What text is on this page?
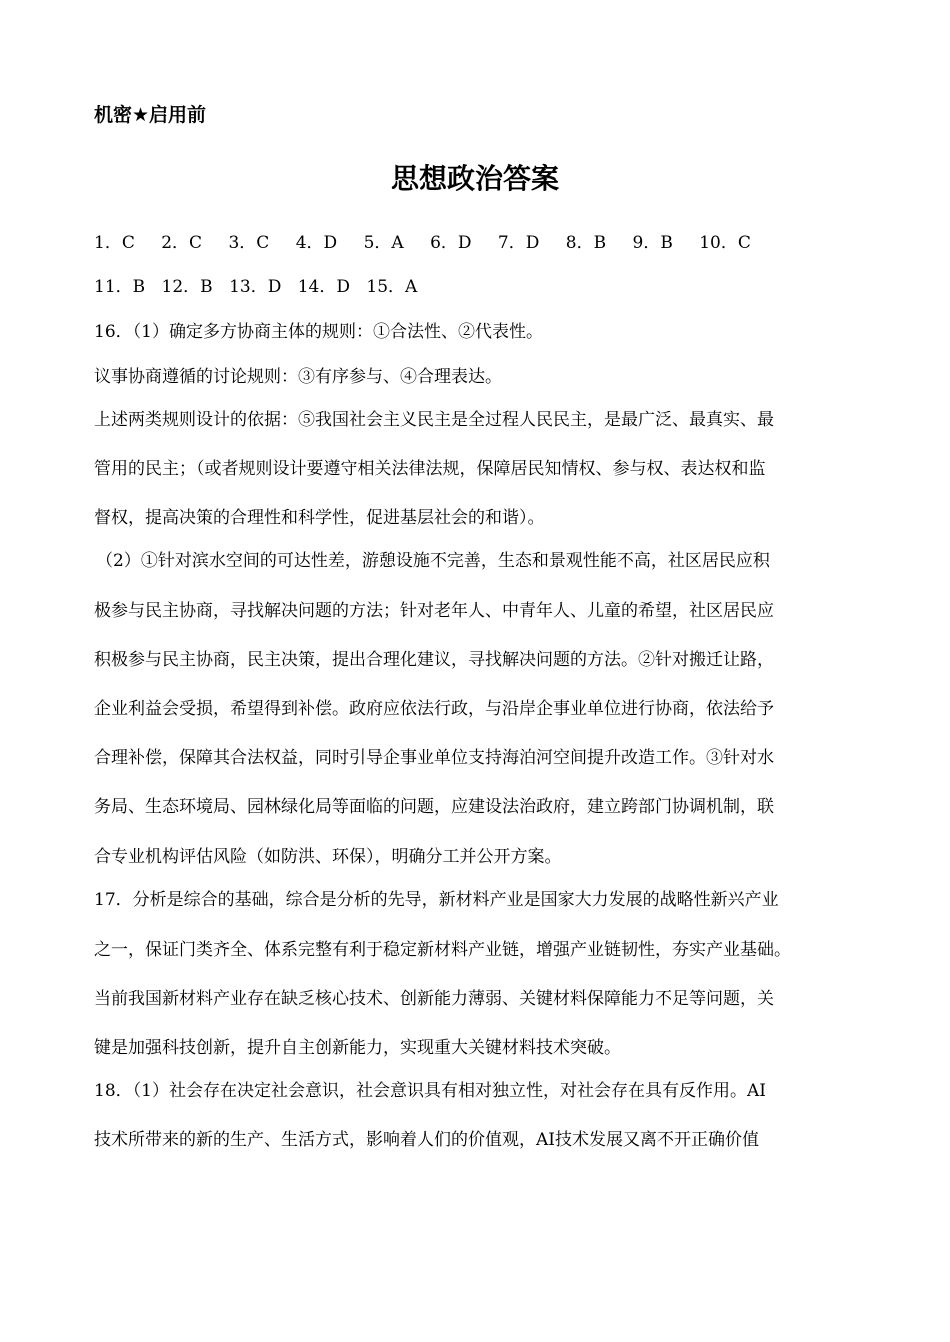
机密★启用前
思想政治答案
1．C 2．C 3．C 4．D 5．A 6．D 7．D 8．B 9．B 10．C
11．B 12．B 13．D 14．D 15．A
16．（1）确定多方协商主体的规则：①合法性、②代表性。
议事协商遵循的讨论规则：③有序参与、④合理表达。
上述两类规则设计的依据：⑤我国社会主义民主是全过程人民民主，是最广泛、最真实、最
管用的民主；（或者规则设计要遵守相关法律法规，保障居民知情权、参与权、表达权和监
督权，提高决策的合理性和科学性，促进基层社会的和谐）。
（2）①针对滨水空间的可达性差，游憩设施不完善，生态和景观性能不高，社区居民应积
极参与民主协商，寻找解决问题的方法；针对老年人、中青年人、儿童的希望，社区居民应
积极参与民主协商，民主决策，提出合理化建议，寻找解决问题的方法。②针对搬迁让路，
企业利益会受损，希望得到补偿。政府应依法行政，与沿岸企事业单位进行协商，依法给予
合理补偿，保障其合法权益，同时引导企事业单位支持海泊河空间提升改造工作。③针对水
务局、生态环境局、园林绿化局等面临的问题，应建设法治政府，建立跨部门协调机制，联
合专业机构评估风险（如防洪、环保），明确分工并公开方案。
17．分析是综合的基础，综合是分析的先导，新材料产业是国家大力发展的战略性新兴产业
之一，保证门类齐全、体系完整有利于稳定新材料产业链，增强产业链韧性，夯实产业基础。
当前我国新材料产业存在缺乏核心技术、创新能力薄弱、关键材料保障能力不足等问题，关
键是加强科技创新，提升自主创新能力，实现重大关键材料技术突破。
18．（1）社会存在决定社会意识，社会意识具有相对独立性，对社会存在具有反作用。AI
技术所带来的新的生产、生活方式，影响着人们的价值观，AI技术发展又离不开正确价值
